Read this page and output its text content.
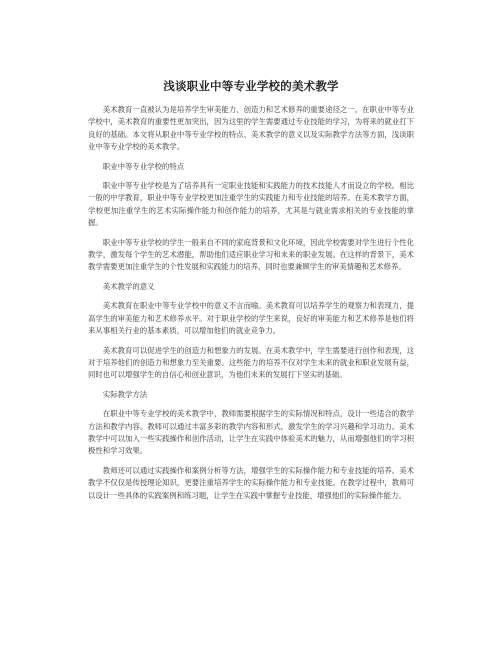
浅谈职业中等专业学校的美术教学

美术教育一直被认为是培养学生审美能力、创造力和艺术修养的重要途径之一。在职业中等专业学校中，美术教育的重要性更加突出，因为这里的学生需要通过专业技能的学习，为将来的就业打下良好的基础。本文将从职业中等专业学校的特点、美术教学的意义以及实际教学方法等方面，浅谈职业中等专业学校的美术教学。

职业中等专业学校的特点

职业中等专业学校是为了培养具有一定职业技能和实践能力的技术技能人才而设立的学校。相比一般的中学教育，职业中等专业学校更加注重学生的实践能力和专业技能的培养。在美术教学方面，学校更加注重学生的艺术实际操作能力和创作能力的培养，尤其是与就业需求相关的专业技能的掌握。

职业中等专业学校的学生一般来自不同的家庭背景和文化环境，因此学校需要对学生进行个性化教学，激发每个学生的艺术潜能，帮助他们适应职业学习和未来的职业发展。在这样的背景下，美术教学需要更加注重学生的个性发展和实践能力的培养，同时也要兼顾学生的审美情趣和艺术修养。

美术教学的意义

美术教育在职业中等专业学校中的意义不言而喻。美术教育可以培养学生的观察力和表现力，提高学生的审美能力和艺术修养水平。对于职业学校的学生来说，良好的审美能力和艺术修养是他们将来从事相关行业的基本素质，可以增加他们的就业竞争力。

美术教育可以促进学生的创造力和想象力的发展。在美术教学中，学生需要进行创作和表现，这对于培养他们的创造力和想象力至关重要。这些能力的培养不仅对学生未来的就业和职业发展有益，同时也可以增强学生的自信心和创业意识，为他们未来的发展打下坚实的基础。

实际教学方法

在职业中等专业学校的美术教学中，教师需要根据学生的实际情况和特点，设计一些适合的教学方法和教学内容。教师可以通过丰富多彩的教学内容和形式，激发学生的学习兴趣和学习动力。美术教学中可以加入一些实践操作和创作活动，让学生在实践中体验美术的魅力，从而增强他们的学习积极性和学习效果。

教师还可以通过实践操作和案例分析等方法，增强学生的实际操作能力和专业技能的培养。美术教学不仅仅是传授理论知识，更要注重培养学生的实际操作能力和专业技能。在教学过程中，教师可以设计一些具体的实践案例和练习题，让学生在实践中掌握专业技能，增强他们的实际操作能力。
